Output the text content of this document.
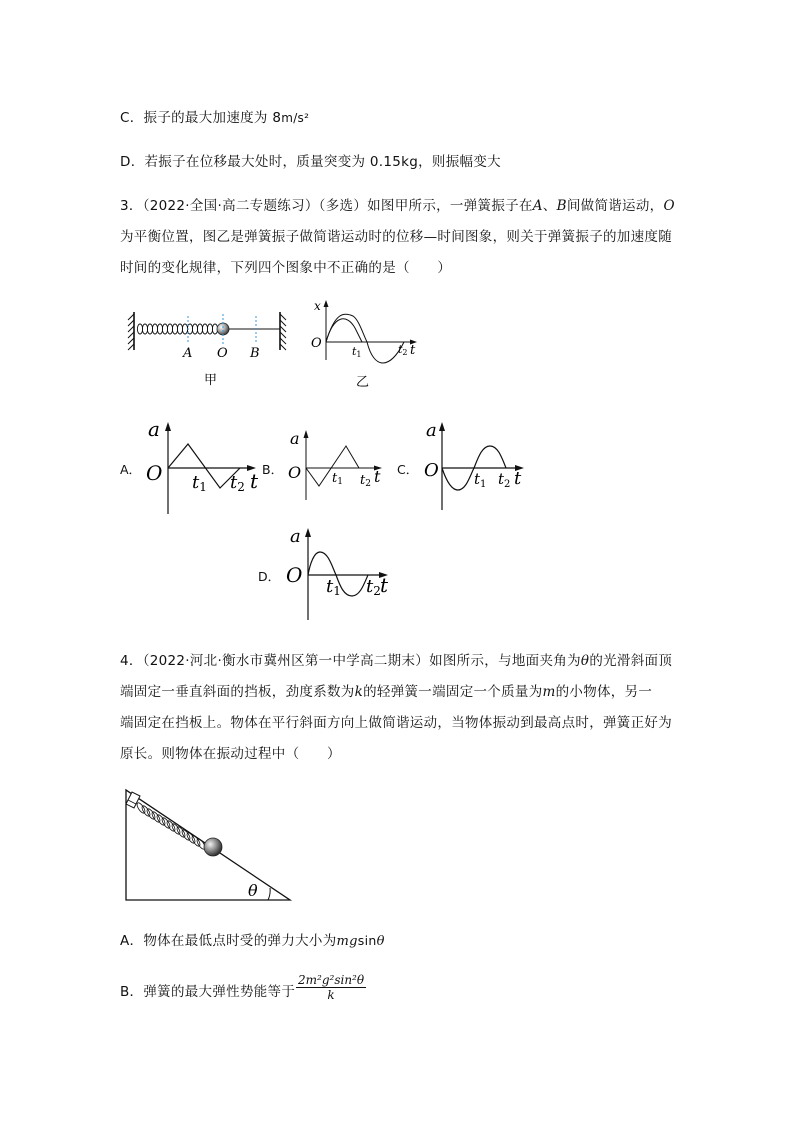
C．振子的最大加速度为 8m/s²
D．若振子在位移最大处时，质量突变为 0.15kg，则振幅变大
3．（2022·全国·高二专题练习）（多选）如图甲所示，一弹簧振子在A、B间做简谐运动，O
为平衡位置，图乙是弹簧振子做简谐运动时的位移—时间图象，则关于弹簧振子的加速度随
时间的变化规律，下列四个图象中不正确的是（　　）
A O B
甲
x
O
t1	t2 t
乙
A．
a
O t1 t2 t B．
a
O t1 t2 t C．
a
O $t_1$ $t_2$ t
D．
a
O t1 t2 t
4．（2022·河北·衡水市冀州区第一中学高二期末）如图所示，与地面夹角为θ的光滑斜面顶
端固定一垂直斜面的挡板，劲度系数为k的轻弹簧一端固定一个质量为m的小物体，另一
端固定在挡板上。物体在平行斜面方向上做简谐运动，当物体振动到最高点时，弹簧正好为
原长。则物体在振动过程中（　　）
θ
A．物体在最低点时受的弹力大小为mgsinθ
B．弹簧的最大弹性势能等于 $\frac{\text{2m²g²sin²θ}}{k}$
